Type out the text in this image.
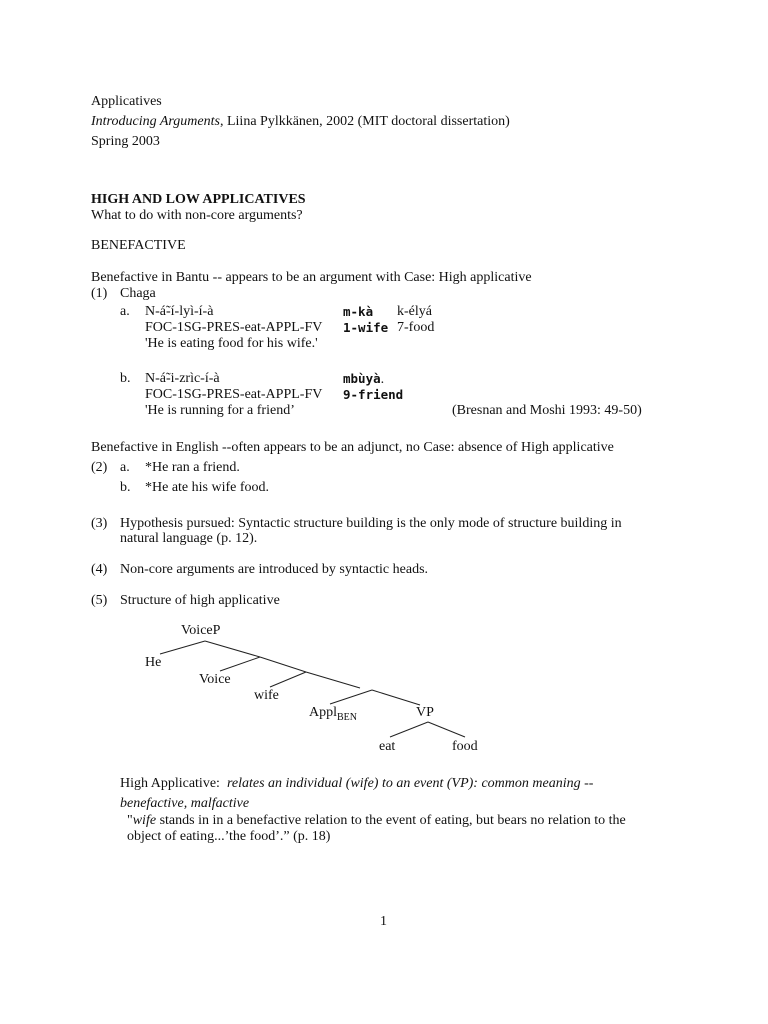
Applicatives
Introducing Arguments, Liina Pylkkänen, 2002 (MIT doctoral dissertation)
Spring 2003
HIGH AND LOW APPLICATIVES
What to do with non-core arguments?
BENEFACTIVE
Benefactive in Bantu -- appears to be an argument with Case: High applicative
(1) Chaga
a. N-á̃-í-lyì-í-à	m-kà k-élyá
FOC-1SG-PRES-eat-APPL-FV 1-wife 7-food
'He is eating food for his wife.'
b. N-á̃-i-zrìc-í-à	mbùyà.
FOC-1SG-PRES-eat-APPL-FV 9-friend
'He is running for a friend’	(Bresnan and Moshi 1993: 49-50)
Benefactive in English --often appears to be an adjunct, no Case: absence of High applicative
(2) a. *He ran a friend.
b. *He ate his wife food.
(3) Hypothesis pursued: Syntactic structure building is the only mode of structure building in
natural language (p. 12).
(4) Non-core arguments are introduced by syntactic heads.
(5) Structure of high applicative
VoiceP
He
Voice
wife
Appl$_{BEN}$	VP
eat	food
High Applicative: relates an individual (wife) to an event (VP): common meaning --
benefactive, malfactive
"wife stands in in a benefactive relation to the event of eating, but bears no relation to the
object of eating...’the food’.” (p. 18)
1
